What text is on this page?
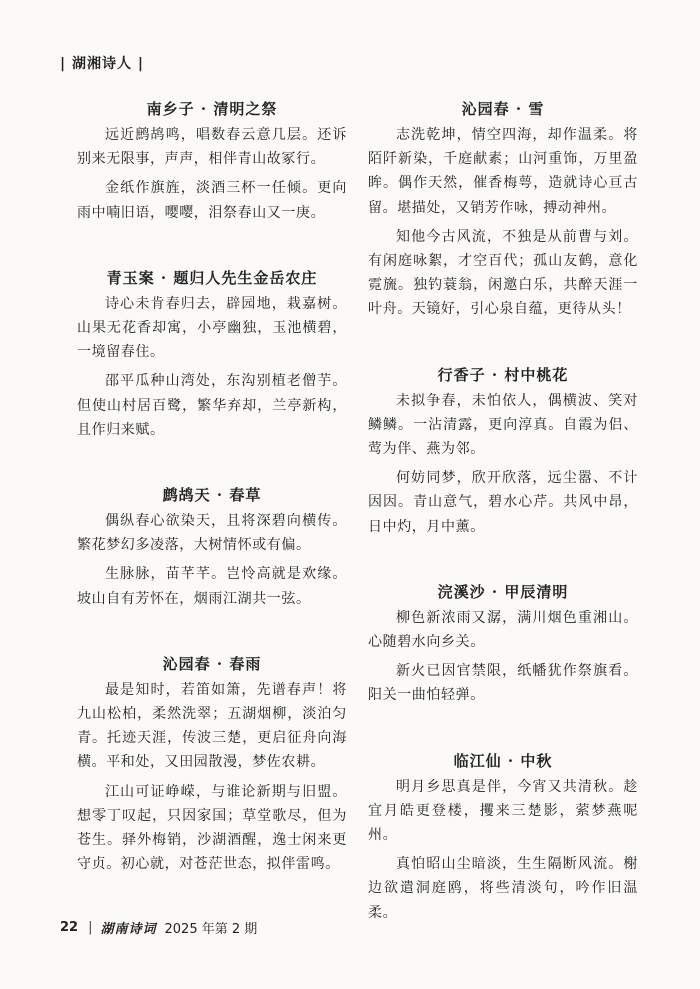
| 湖湘诗人 |
南乡子 · 清明之祭

远近鹧鸪鸣，唱数春云意几层。还诉别来无限事，声声，相伴青山故冢行。

金纸作旗旌，淡酒三杯一任倾。更向雨中喃旧语，嘤嘤，泪祭春山又一庚。

青玉案 · 题归人先生金岳农庄

诗心未肯春归去，辟园地，栽嘉树。山果无花香却寓，小亭幽独，玉池横碧，一境留春住。

邵平瓜种山湾处，东沟别植老僧芋。但使山村居百鹭，繁华弃却，兰亭新构，且作归来赋。

鹧鸪天 · 春草

偶纵春心欲染天，且将深碧向横传。繁花梦幻多凌落，大树情怀或有偏。

生脉脉，苗芊芊。岂怜高就是欢缘。坡山自有芳怀在，烟雨江湖共一弦。

沁园春 · 春雨

最是知时，若笛如箫，先谱春声！将九山松柏，柔然洗翠；五湖烟柳，淡泊匀青。托迹天涯，传波三楚，更启征舟向海横。平和处，又田园散漫，梦佐农耕。

江山可证峥嵘，与谁论新期与旧盟。想零丁叹起，只因家国；草堂歌尽，但为苍生。驿外梅销，沙湖酒醒，逸士闲来更守贞。初心就，对苍茫世态，拟伴雷鸣。

沁园春 · 雪

志洗乾坤，情空四海，却作温柔。将陌阡新染，千庭献素；山河重饰，万里盈眸。偶作天然，催香梅萼，造就诗心亘古留。堪描处，又销芳作咏，搏动神州。

知他今古风流，不独是从前曹与刘。有闲庭咏絮，才空百代；孤山友鹤，意化霓旒。独钓蓑翁，闲邀白乐，共醉天涯一叶舟。天镜好，引心泉自蕴，更待从头！

行香子 · 村中桃花

未拟争春，未怕依人，偶横波、笑对鳞鳞。一沾清露，更向淳真。自霞为侣、莺为伴、燕为邻。

何妨同梦，欣开欣落，远尘嚣、不计因因。青山意气，碧水心芹。共风中昂，日中灼，月中薰。

浣溪沙 · 甲辰清明

柳色新浓雨又潺，满川烟色重湘山。心随碧水向乡关。

新火已因官禁限，纸幡犹作祭旗看。阳关一曲怕轻弹。

临江仙 · 中秋

明月乡思真是伴，今宵又共清秋。趁宜月皓更登楼，攫来三楚影，萦梦燕呢州。

真怕昭山尘暗淡，生生隔断风流。榭边欲遣洞庭鸥，将些清淡句，吟作旧温柔。

22 | 湖南诗词 2025 年第 2 期
